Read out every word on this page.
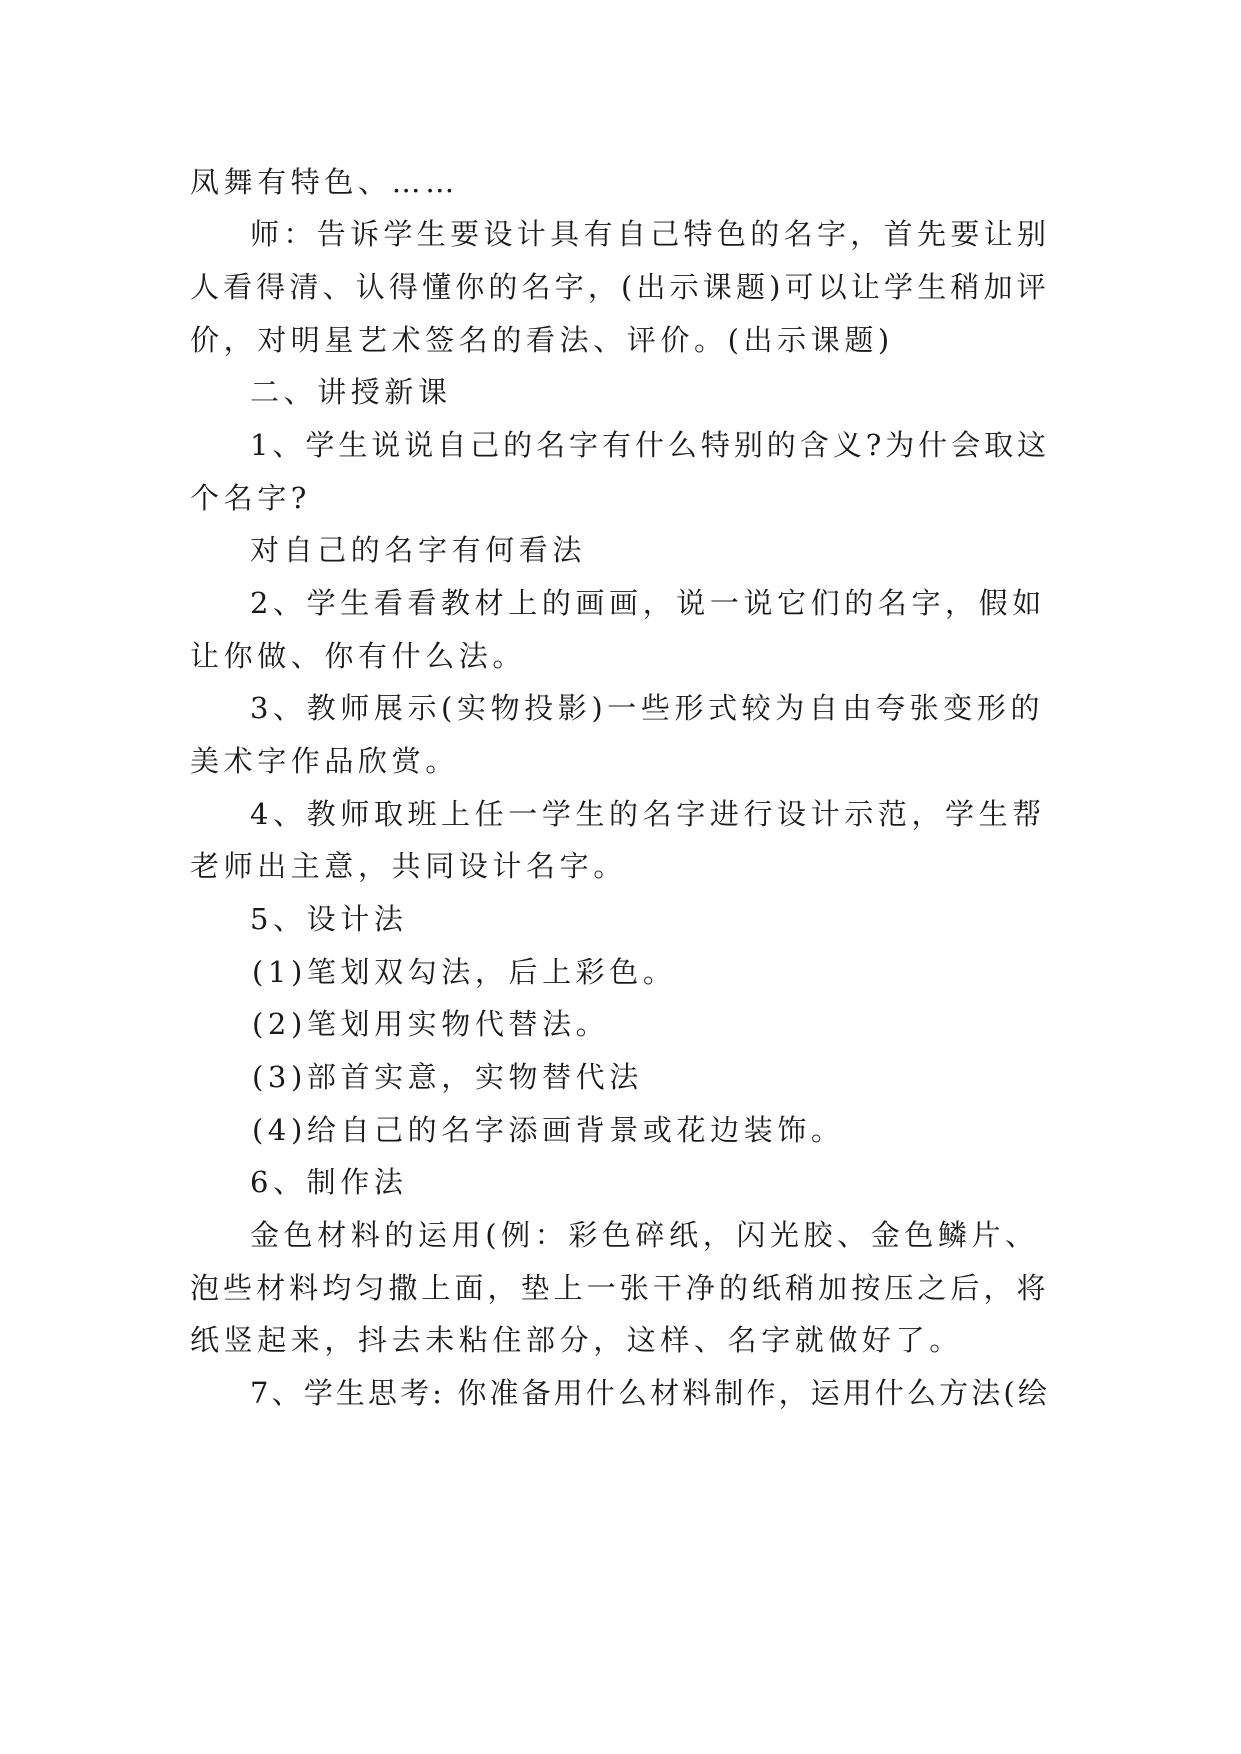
凤舞有特色、……
师：告诉学生要设计具有自己特色的名字，首先要让别
人看得清、认得懂你的名字，(出示课题)可以让学生稍加评
价，对明星艺术签名的看法、评价。(出示课题)
二、讲授新课
1、学生说说自己的名字有什么特别的含义?为什会取这
个名字?
对自己的名字有何看法
2、学生看看教材上的画画，说一说它们的名字，假如
让你做、你有什么法。
3、教师展示(实物投影)一些形式较为自由夸张变形的
美术字作品欣赏。
4、教师取班上任一学生的名字进行设计示范，学生帮
老师出主意，共同设计名字。
5、设计法
(1)笔划双勾法，后上彩色。
(2)笔划用实物代替法。
(3)部首实意，实物替代法
(4)给自己的名字添画背景或花边装饰。
6、制作法
金色材料的运用(例：彩色碎纸，闪光胶、金色鳞片、
泡些材料均匀撒上面，垫上一张干净的纸稍加按压之后，将
纸竖起来，抖去未粘住部分，这样、名字就做好了。
7、学生思考: 你准备用什么材料制作，运用什么方法(绘
